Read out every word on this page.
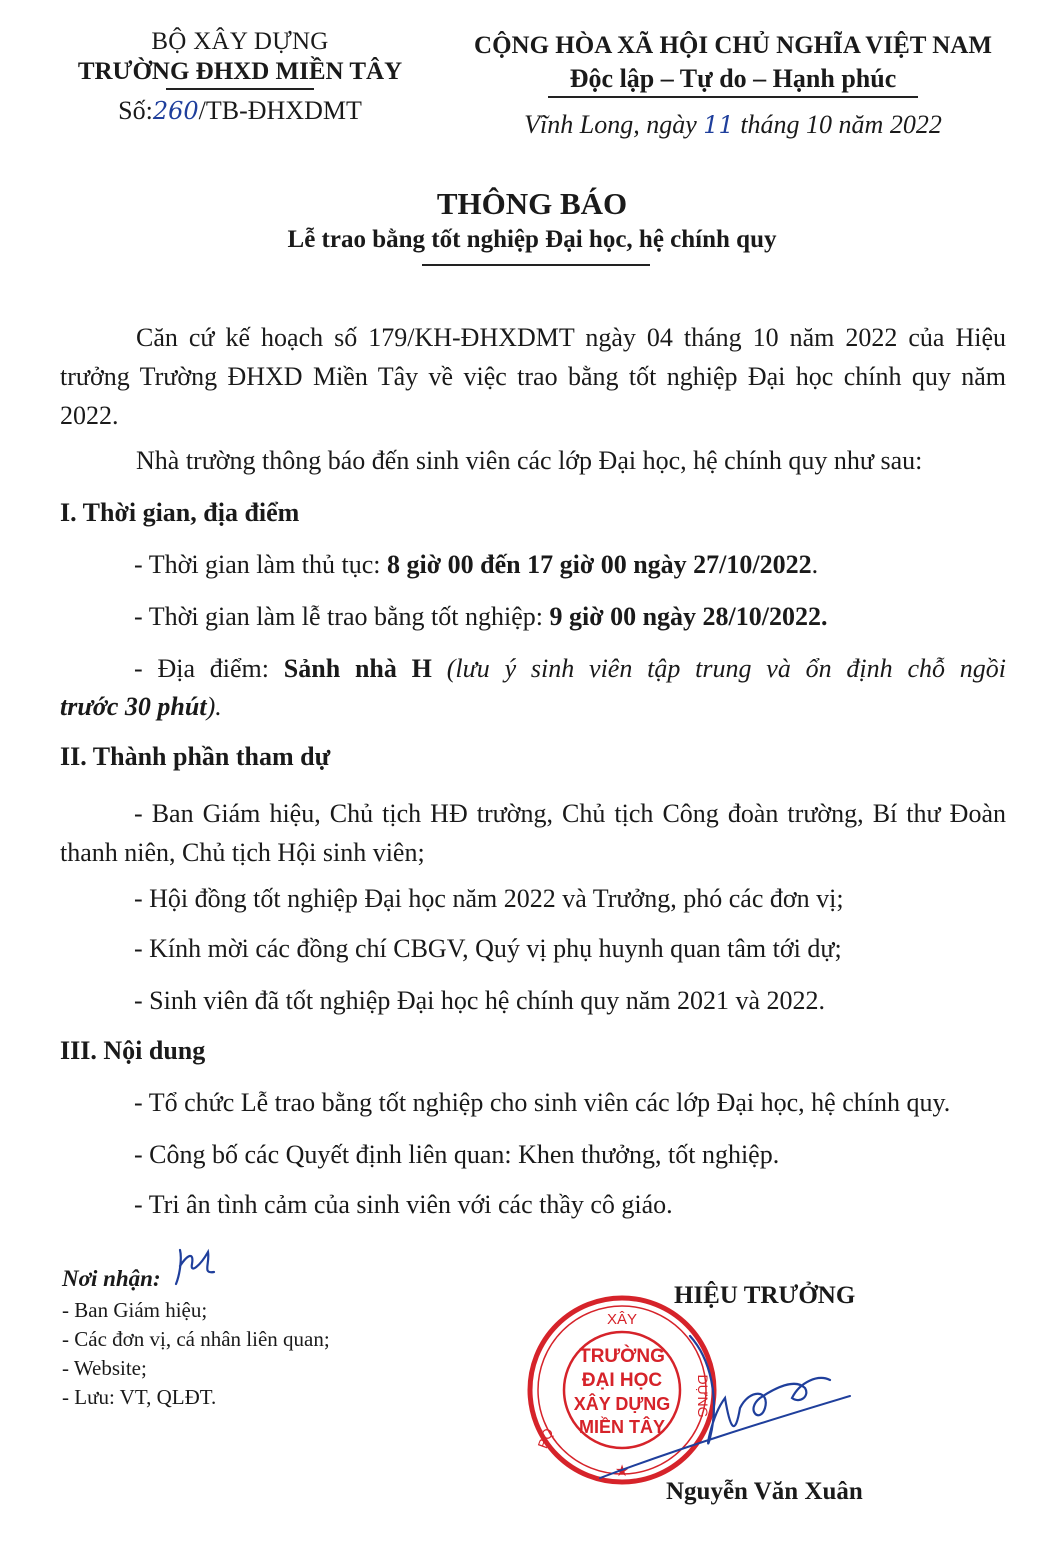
BỘ XÂY DỰNG
TRƯỜNG ĐHXD MIỀN TÂY
Số:260/TB-ĐHXDMT
CỘNG HÒA XÃ HỘI CHỦ NGHĨA VIỆT NAM
Độc lập – Tự do – Hạnh phúc
Vĩnh Long, ngày 11 tháng 10 năm 2022
THÔNG BÁO
Lễ trao bằng tốt nghiệp Đại học, hệ chính quy
Căn cứ kế hoạch số 179/KH-ĐHXDMT ngày 04 tháng 10 năm 2022 của Hiệu trưởng Trường ĐHXD Miền Tây về việc trao bằng tốt nghiệp Đại học chính quy năm 2022.
Nhà trường thông báo đến sinh viên các lớp Đại học, hệ chính quy như sau:
I. Thời gian, địa điểm
- Thời gian làm thủ tục: 8 giờ 00 đến 17 giờ 00 ngày 27/10/2022.
- Thời gian làm lễ trao bằng tốt nghiệp: 9 giờ 00 ngày 28/10/2022.
- Địa điểm: Sảnh nhà H (lưu ý sinh viên tập trung và ổn định chỗ ngồi
trước 30 phút).
II. Thành phần tham dự
- Ban Giám hiệu, Chủ tịch HĐ trường, Chủ tịch Công đoàn trường, Bí thư Đoàn thanh niên, Chủ tịch Hội sinh viên;
- Hội đồng tốt nghiệp Đại học năm 2022 và Trưởng, phó các đơn vị;
- Kính mời các đồng chí CBGV, Quý vị phụ huynh quan tâm tới dự;
- Sinh viên đã tốt nghiệp Đại học hệ chính quy năm 2021 và 2022.
III. Nội dung
- Tổ chức Lễ trao bằng tốt nghiệp cho sinh viên các lớp Đại học, hệ chính quy.
- Công bố các Quyết định liên quan: Khen thưởng, tốt nghiệp.
- Tri ân tình cảm của sinh viên với các thầy cô giáo.
Nơi nhận:
- Ban Giám hiệu;
- Các đơn vị, cá nhân liên quan;
- Website;
- Lưu: VT, QLĐT.
XÂY
DỰNG
BỘ
TRƯỜNG
ĐẠI HỌC
XÂY DỰNG
MIỀN TÂY
★
HIỆU TRƯỞNG
Nguyễn Văn Xuân
